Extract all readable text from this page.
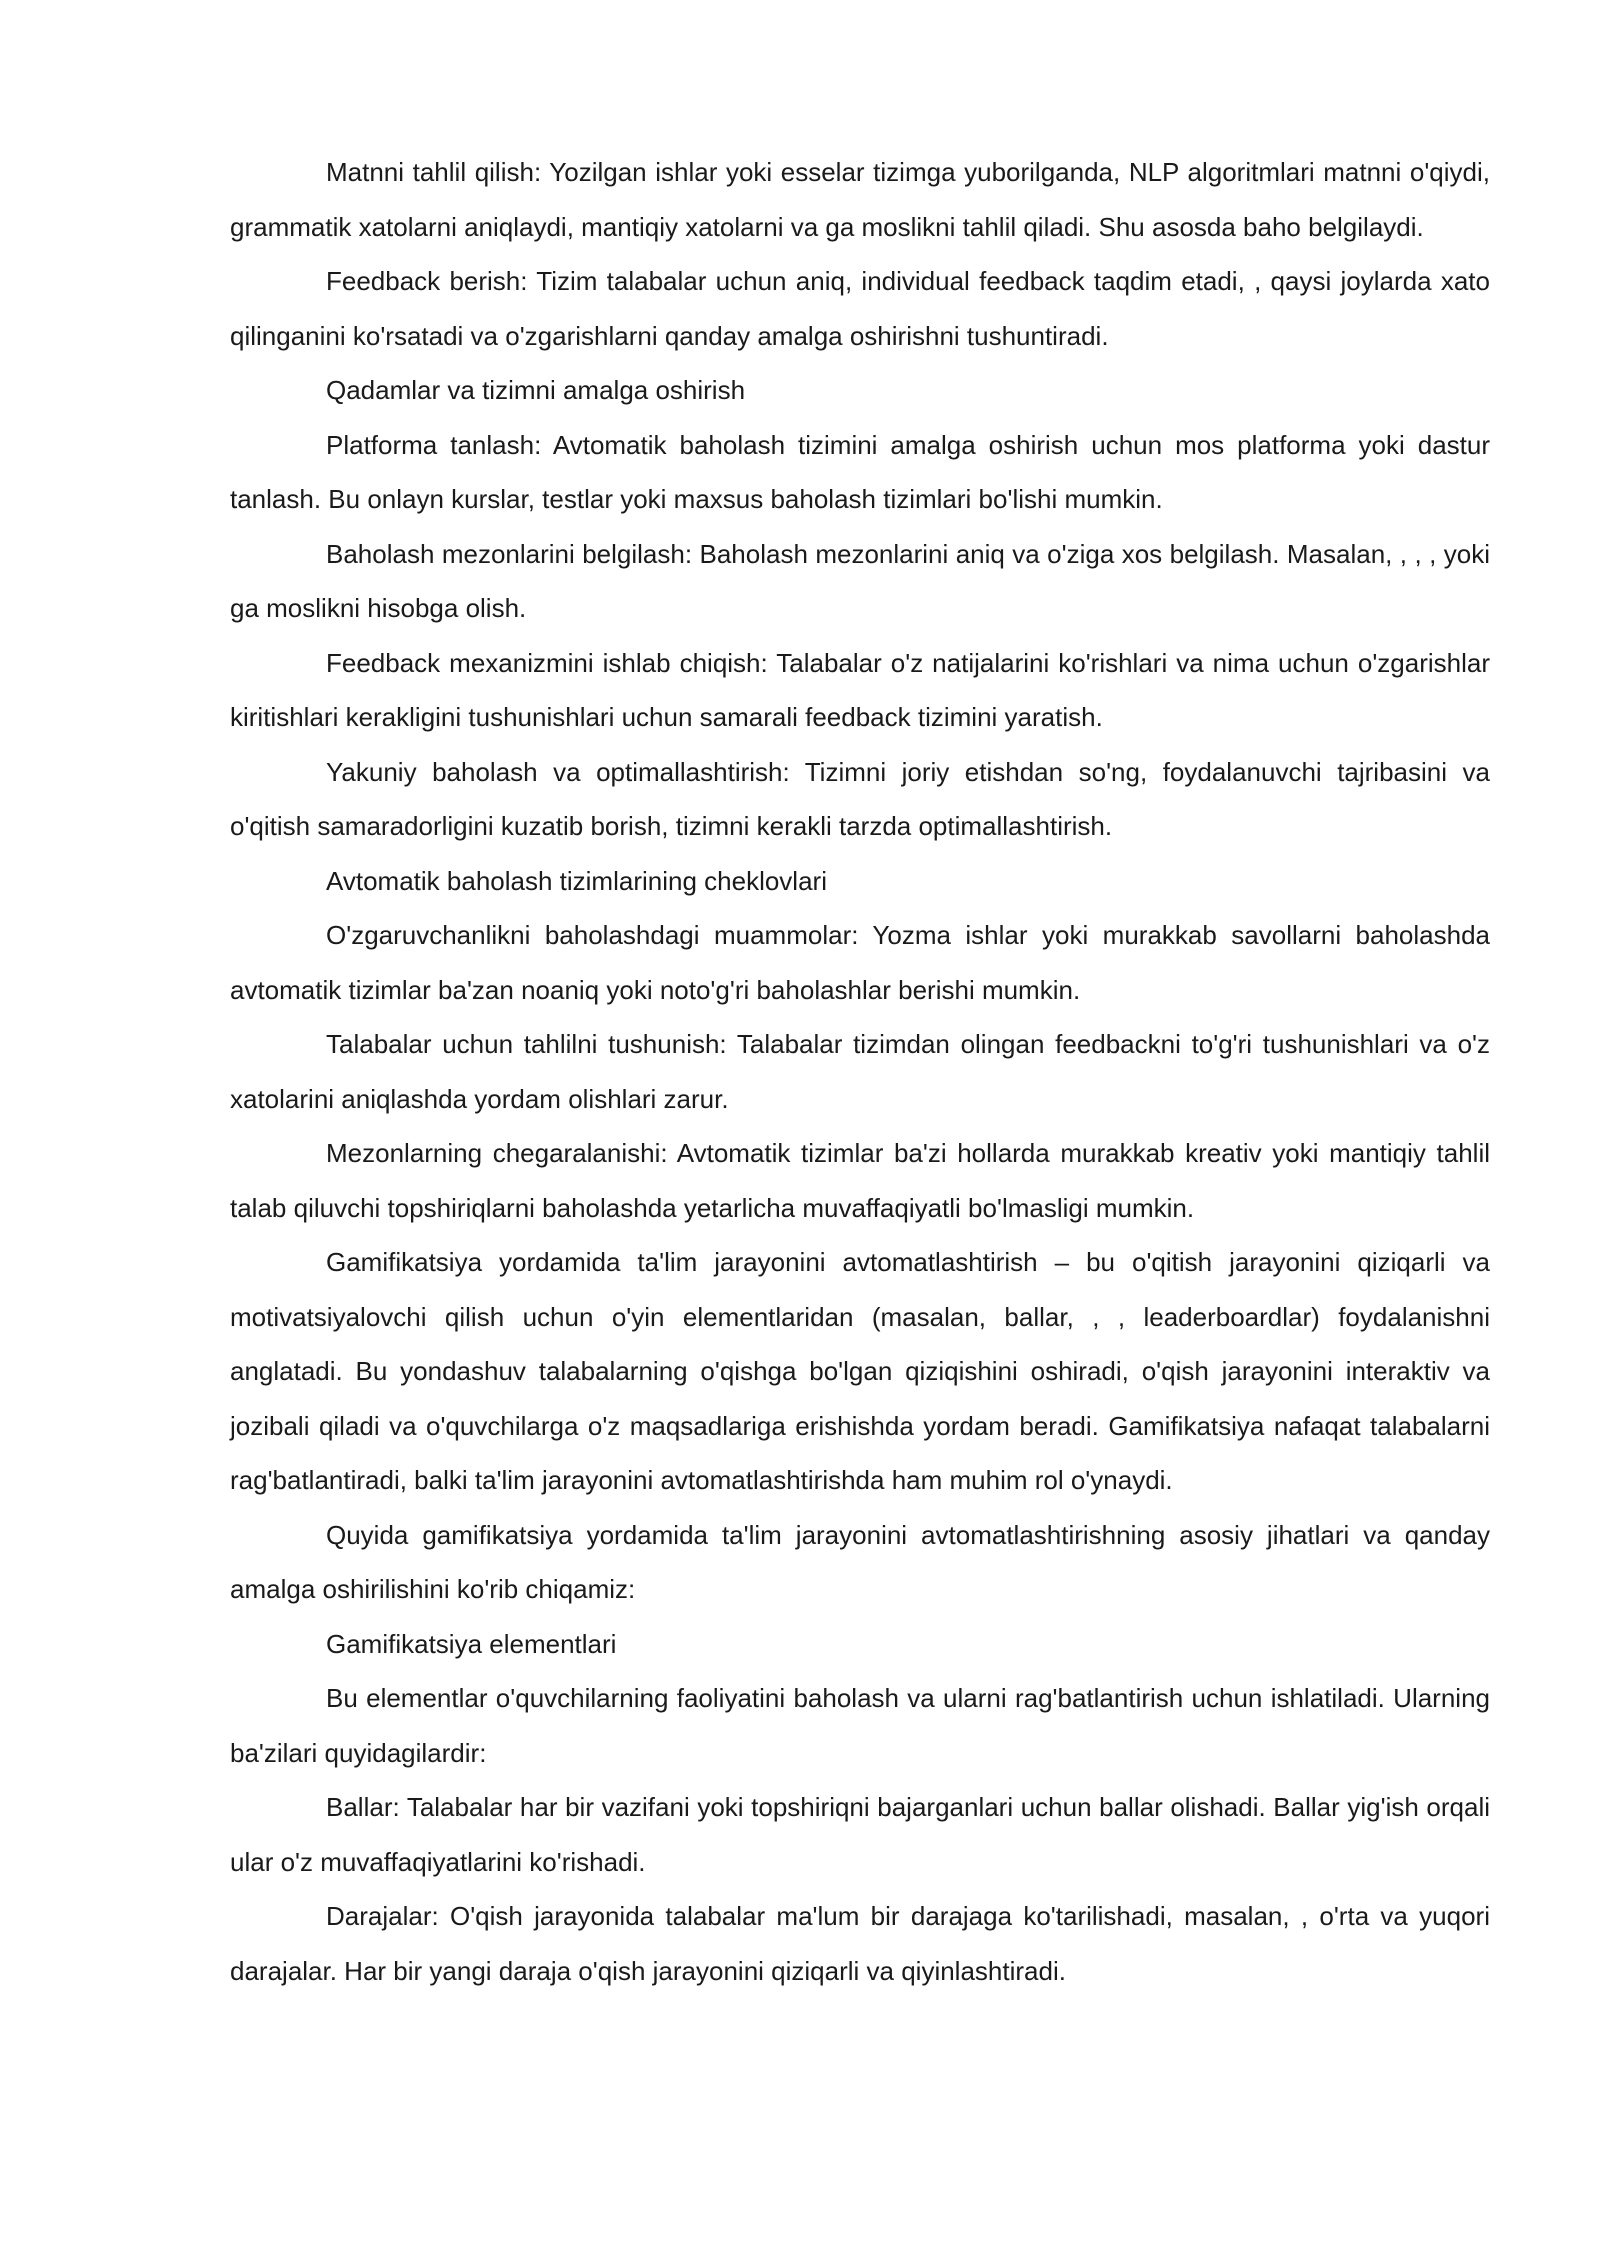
Matnni tahlil qilish: Yozilgan ishlar yoki esselar tizimga yuborilganda, NLP algoritmlari matnni o'qiydi, grammatik xatolarni aniqlaydi, mantiqiy xatolarni va ga moslikni tahlil qiladi. Shu asosda baho belgilaydi.

Feedback berish: Tizim talabalar uchun aniq, individual feedback taqdim etadi, , qaysi joylarda xato qilinganini ko'rsatadi va o'zgarishlarni qanday amalga oshirishni tushuntiradi.

Qadamlar va tizimni amalga oshirish

Platforma tanlash: Avtomatik baholash tizimini amalga oshirish uchun mos platforma yoki dastur tanlash. Bu onlayn kurslar, testlar yoki maxsus baholash tizimlari bo'lishi mumkin.

Baholash mezonlarini belgilash: Baholash mezonlarini aniq va o'ziga xos belgilash. Masalan, , , , yoki ga moslikni hisobga olish.

Feedback mexanizmini ishlab chiqish: Talabalar o'z natijalarini ko'rishlari va nima uchun o'zgarishlar kiritishlari kerakligini tushunishlari uchun samarali feedback tizimini yaratish.

Yakuniy baholash va optimallashtirish: Tizimni joriy etishdan so'ng, foydalanuvchi tajribasini va o'qitish samaradorligini kuzatib borish, tizimni kerakli tarzda optimallashtirish.

Avtomatik baholash tizimlarining cheklovlari

O'zgaruvchanlikni baholashdagi muammolar: Yozma ishlar yoki murakkab savollarni baholashda avtomatik tizimlar ba'zan noaniq yoki noto'g'ri baholashlar berishi mumkin.

Talabalar uchun tahlilni tushunish: Talabalar tizimdan olingan feedbackni to'g'ri tushunishlari va o'z xatolarini aniqlashda yordam olishlari zarur.

Mezonlarning chegaralanishi: Avtomatik tizimlar ba'zi hollarda murakkab kreativ yoki mantiqiy tahlil talab qiluvchi topshiriqlarni baholashda yetarlicha muvaffaqiyatli bo'lmasligi mumkin.

Gamifikatsiya yordamida ta'lim jarayonini avtomatlashtirish – bu o'qitish jarayonini qiziqarli va motivatsiyalovchi qilish uchun o'yin elementlaridan (masalan, ballar, , , leaderboardlar) foydalanishni anglatadi. Bu yondashuv talabalarning o'qishga bo'lgan qiziqishini oshiradi, o'qish jarayonini interaktiv va jozibali qiladi va o'quvchilarga o'z maqsadlariga erishishda yordam beradi. Gamifikatsiya nafaqat talabalarni rag'batlantiradi, balki ta'lim jarayonini avtomatlashtirishda ham muhim rol o'ynaydi.

Quyida gamifikatsiya yordamida ta'lim jarayonini avtomatlashtirishning asosiy jihatlari va qanday amalga oshirilishini ko'rib chiqamiz:

Gamifikatsiya elementlari

Bu elementlar o'quvchilarning faoliyatini baholash va ularni rag'batlantirish uchun ishlatiladi. Ularning ba'zilari quyidagilardir:

Ballar: Talabalar har bir vazifani yoki topshiriqni bajarganlari uchun ballar olishadi. Ballar yig'ish orqali ular o'z muvaffaqiyatlarini ko'rishadi.

Darajalar: O'qish jarayonida talabalar ma'lum bir darajaga ko'tarilishadi, masalan, , o'rta va yuqori darajalar. Har bir yangi daraja o'qish jarayonini qiziqarli va qiyinlashtiradi.
